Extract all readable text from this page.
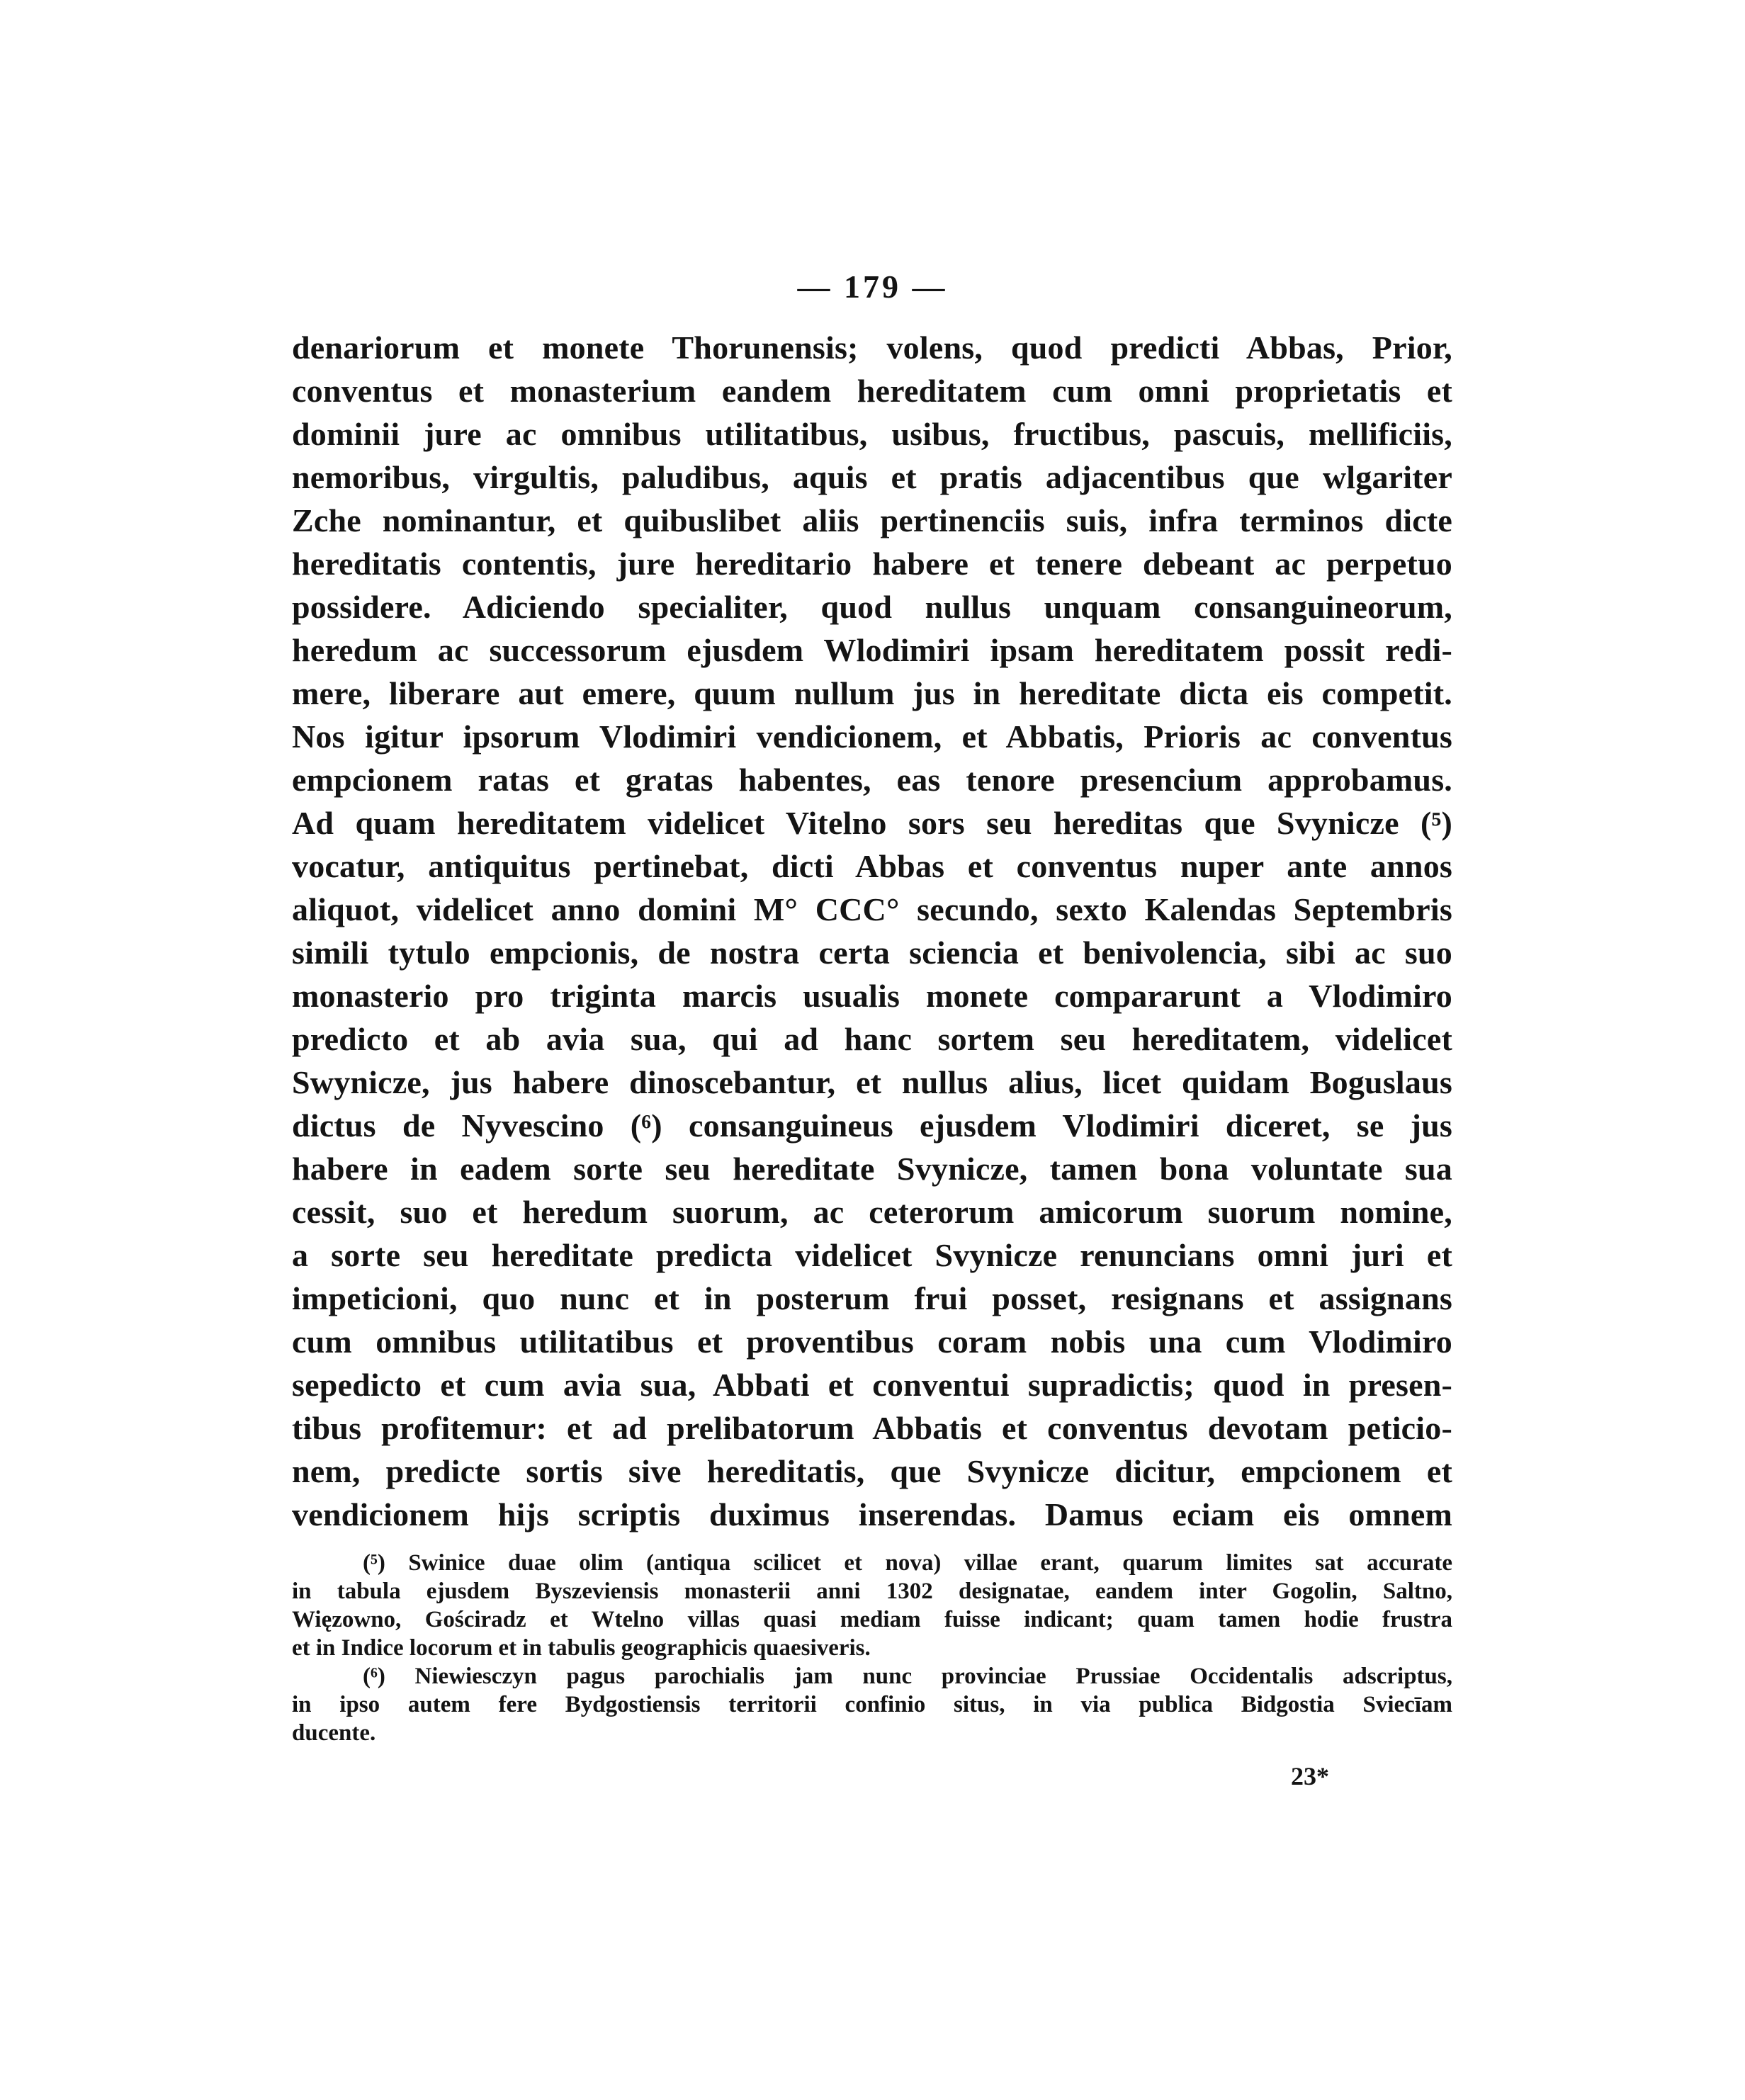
— 179 —
denariorum et monete Thorunensis; volens, quod predicti Abbas, Prior,
conventus et monasterium eandem hereditatem cum omni proprietatis et
dominii jure ac omnibus utilitatibus, usibus, fructibus, pascuis, mellificiis,
nemoribus, virgultis, paludibus, aquis et pratis adjacentibus que wlgariter
Zche nominantur, et quibuslibet aliis pertinenciis suis, infra terminos dicte
hereditatis contentis, jure hereditario habere et tenere debeant ac perpetuo
possidere. Adiciendo specialiter, quod nullus unquam consanguineorum,
heredum ac successorum ejusdem Wlodimiri ipsam hereditatem possit redi-
mere, liberare aut emere, quum nullum jus in hereditate dicta eis competit.
Nos igitur ipsorum Vlodimiri vendicionem, et Abbatis, Prioris ac conventus
empcionem ratas et gratas habentes, eas tenore presencium approbamus.
Ad quam hereditatem videlicet Vitelno sors seu hereditas que Svynicze (⁵)
vocatur, antiquitus pertinebat, dicti Abbas et conventus nuper ante annos
aliquot, videlicet anno domini M° CCC° secundo, sexto Kalendas Septembris
simili tytulo empcionis, de nostra certa sciencia et benivolencia, sibi ac suo
monasterio pro triginta marcis usualis monete compararunt a Vlodimiro
predicto et ab avia sua, qui ad hanc sortem seu hereditatem, videlicet
Swynicze, jus habere dinoscebantur, et nullus alius, licet quidam Boguslaus
dictus de Nyvescino (⁶) consanguineus ejusdem Vlodimiri diceret, se jus
habere in eadem sorte seu hereditate Svynicze, tamen bona voluntate sua
cessit, suo et heredum suorum, ac ceterorum amicorum suorum nomine,
a sorte seu hereditate predicta videlicet Svynicze renuncians omni juri et
impeticioni, quo nunc et in posterum frui posset, resignans et assignans
cum omnibus utilitatibus et proventibus coram nobis una cum Vlodimiro
sepedicto et cum avia sua, Abbati et conventui supradictis; quod in presen-
tibus profitemur: et ad prelibatorum Abbatis et conventus devotam peticio-
nem, predicte sortis sive hereditatis, que Svynicze dicitur, empcionem et
vendicionem hijs scriptis duximus inserendas. Damus eciam eis omnem
(⁵) Swinice duae olim (antiqua scilicet et nova) villae erant, quarum limites sat accurate
in tabula ejusdem Byszeviensis monasterii anni 1302 designatae, eandem inter Gogolin, Saltno,
Więzowno, Gościradz et Wtelno villas quasi mediam fuisse indicant; quam tamen hodie frustra
et in Indice locorum et in tabulis geographicis quaesiveris.
(⁶) Niewiesczyn pagus parochialis jam nunc provinciae Prussiae Occidentalis adscriptus,
in ipso autem fere Bydgostiensis territorii confinio situs, in via publica Bidgostia Sviecīam
ducente.
23*
